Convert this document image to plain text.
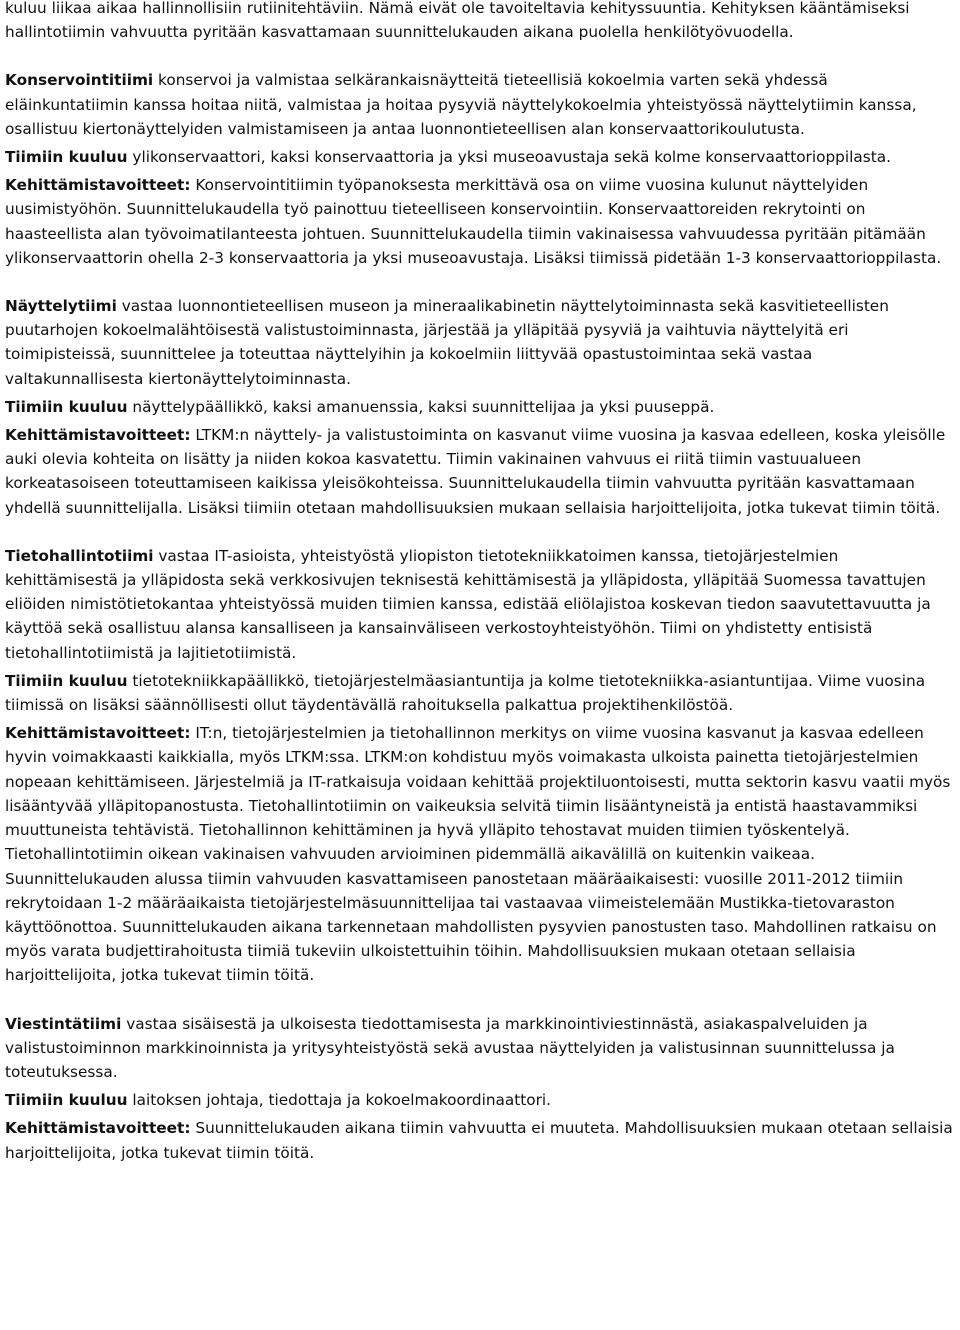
kuluu liikaa aikaa hallinnollisiin rutiinitehtäviin. Nämä eivät ole tavoiteltavia kehityssuuntia. Kehityksen kääntämiseksi hallintotiimin vahvuutta pyritään kasvattamaan suunnittelukauden aikana puolella henkilötyövuodella.

Konservointitiimi konservoi ja valmistaa selkärankaisnäytteitä tieteellisiä kokoelmia varten sekä yhdessä eläinkuntatiimin kanssa hoitaa niitä, valmistaa ja hoitaa pysyviä näyttelykokoelmia yhteistyössä näyttelytiimin kanssa, osallistuu kiertonäyttelyiden valmistamiseen ja antaa luonnontieteellisen alan konservaattorikoulutusta.

Tiimiin kuuluu ylikonservaattori, kaksi konservaattoria ja yksi museoavustaja sekä kolme konservaattorioppilasta.

Kehittämistavoitteet: Konservointitiimin työpanoksesta merkittävä osa on viime vuosina kulunut näyttelyiden uusimistyöhön. Suunnittelukaudella työ painottuu tieteelliseen konservointiin. Konservaattoreiden rekrytointi on haasteellista alan työvoimatilanteesta johtuen. Suunnittelukaudella tiimin vakinaisessa vahvuudessa pyritään pitämään ylikonservaattorin ohella 2-3 konservaattoria ja yksi museoavustaja. Lisäksi tiimissä pidetään 1-3 konservaattorioppilasta.

Näyttelytiimi vastaa luonnontieteellisen museon ja mineraalikabinetin näyttelytoiminnasta sekä kasvitieteellisten puutarhojen kokoelmalähtöisestä valistustoiminnasta, järjestää ja ylläpitää pysyviä ja vaihtuvia näyttelyitä eri toimipisteissä, suunnittelee ja toteuttaa näyttelyihin ja kokoelmiin liittyvää opastustoimintaa sekä vastaa valtakunnallisesta kiertonäyttelytoiminnasta.

Tiimiin kuuluu näyttelypäällikkö, kaksi amanuenssia, kaksi suunnittelijaa ja yksi puuseppä.

Kehittämistavoitteet: LTKM:n näyttely- ja valistustoiminta on kasvanut viime vuosina ja kasvaa edelleen, koska yleisölle auki olevia kohteita on lisätty ja niiden kokoa kasvatettu. Tiimin vakinainen vahvuus ei riitä tiimin vastuualueen korkeatasoiseen toteuttamiseen kaikissa yleisökohteissa. Suunnittelukaudella tiimin vahvuutta pyritään kasvattamaan yhdellä suunnittelijalla. Lisäksi tiimiin otetaan mahdollisuuksien mukaan sellaisia harjoittelijoita, jotka tukevat tiimin töitä.

Tietohallintotiimi vastaa IT-asioista, yhteistyöstä yliopiston tietotekniikkatoimen kanssa, tietojärjestelmien kehittämisestä ja ylläpidosta sekä verkkosivujen teknisestä kehittämisestä ja ylläpidosta, ylläpitää Suomessa tavattujen eliöiden nimistötietokantaa yhteistyössä muiden tiimien kanssa, edistää eliölajistoa koskevan tiedon saavutettavuutta ja käyttöä sekä osallistuu alansa kansalliseen ja kansainväliseen verkostoyhteistyöhön. Tiimi on yhdistetty entisistä tietohallintotiimistä ja lajitietotiimistä.

Tiimiin kuuluu tietotekniikkapäällikkö, tietojärjestelmäasiantuntija ja kolme tietotekniikka-asiantuntijaa. Viime vuosina tiimissä on lisäksi säännöllisesti ollut täydentävällä rahoituksella palkattua projektihenkilöstöä.

Kehittämistavoitteet: IT:n, tietojärjestelmien ja tietohallinnon merkitys on viime vuosina kasvanut ja kasvaa edelleen hyvin voimakkaasti kaikkialla, myös LTKM:ssa. LTKM:on kohdistuu myös voimakasta ulkoista painetta tietojärjestelmien nopeaan kehittämiseen. Järjestelmiä ja IT-ratkaisuja voidaan kehittää projektiluontoisesti, mutta sektorin kasvu vaatii myös lisääntyvää ylläpitopanostusta. Tietohallintotiimin on vaikeuksia selvitä tiimin lisääntyneistä ja entistä haastavammiksi muuttuneista tehtävistä. Tietohallinnon kehittäminen ja hyvä ylläpito tehostavat muiden tiimien työskentelyä. Tietohallintotiimin oikean vakinaisen vahvuuden arvioiminen pidemmällä aikavälillä on kuitenkin vaikeaa. Suunnittelukauden alussa tiimin vahvuuden kasvattamiseen panostetaan määräaikaisesti: vuosille 2011-2012 tiimiin rekrytoidaan 1-2 määräaikaista tietojärjestelmäsuunnittelijaa tai vastaavaa viimeistelemään Mustikka-tietovaraston käyttöönottoa. Suunnittelukauden aikana tarkennetaan mahdollisten pysyvien panostusten taso. Mahdollinen ratkaisu on myös varata budjettirahoitusta tiimiä tukeviin ulkoistettuihin töihin. Mahdollisuuksien mukaan otetaan sellaisia harjoittelijoita, jotka tukevat tiimin töitä.

Viestintätiimi vastaa sisäisestä ja ulkoisesta tiedottamisesta ja markkinointiviestinnästä, asiakaspalveluiden ja valistustoiminnon markkinoinnista ja yritysyhteistyöstä sekä avustaa näyttelyiden ja valistusinnan suunnittelussa ja toteutuksessa.

Tiimiin kuuluu laitoksen johtaja, tiedottaja ja kokoelmakoordinaattori.

Kehittämistavoitteet: Suunnittelukauden aikana tiimin vahvuutta ei muuteta. Mahdollisuuksien mukaan otetaan sellaisia harjoittelijoita, jotka tukevat tiimin töitä.
